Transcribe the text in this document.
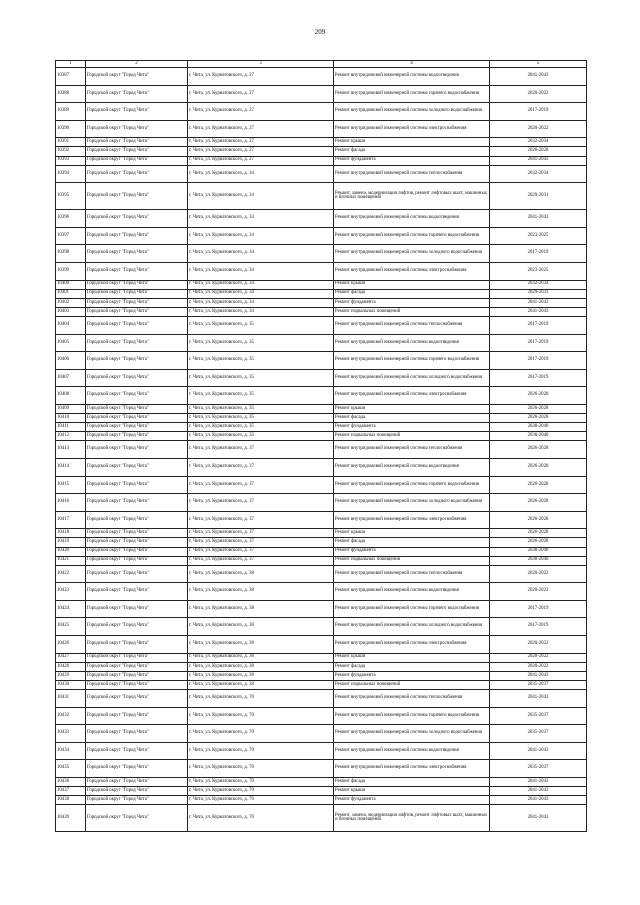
209
1	2	3	4	5
10387	Городской округ "Город Чита"	г. Чита, ул. Курнатовского, д. 27	Ремонт внутридомовой инженерной системы водоотведения	2041-2043
10388	Городской округ "Город Чита"	г. Чита, ул. Курнатовского, д. 27	Ремонт внутридомовой инженерной системы горячего водоснабжения	2020-2022
10389	Городской округ "Город Чита"	г. Чита, ул. Курнатовского, д. 27	Ремонт внутридомовой инженерной системы холодного водоснабжения	2017-2019
10390	Городской округ "Город Чита"	г. Чита, ул. Курнатовского, д. 27	Ремонт внутридомовой инженерной системы электроснабжения	2020-2022
10391	Городской округ "Город Чита"	г. Чита, ул. Курнатовского, д. 27	Ремонт крыши	2032-2034
10392	Городской округ "Город Чита"	г. Чита, ул. Курнатовского, д. 27	Ремонт фасада	2026-2028
10393	Городской округ "Город Чита"	г. Чита, ул. Курнатовского, д. 27	Ремонт фундамента	2041-2043
10394	Городской округ "Город Чита"	г. Чита, ул. Курнатовского, д. 34	Ремонт внутридомовой инженерной системы теплоснабжения	2032-2034
10395	Городской округ "Город Чита"	г. Чита, ул. Курнатовского, д. 34	Ремонт, замена, модернизация лифтов, ремонт лифтовых шахт, машинных и блочных помещений	2029-2031
10396	Городской округ "Город Чита"	г. Чита, ул. Курнатовского, д. 34	Ремонт внутридомовой инженерной системы водоотведения	2041-2043
10397	Городской округ "Город Чита"	г. Чита, ул. Курнатовского, д. 34	Ремонт внутридомовой инженерной системы горячего водоснабжения	2023-2025
10398	Городской округ "Город Чита"	г. Чита, ул. Курнатовского, д. 34	Ремонт внутридомовой инженерной системы холодного водоснабжения	2017-2019
10399	Городской округ "Город Чита"	г. Чита, ул. Курнатовского, д. 34	Ремонт внутридомовой инженерной системы электроснабжения	2023-2025
10400	Городской округ "Город Чита"	г. Чита, ул. Курнатовского, д. 34	Ремонт крыши	2032-2034
10401	Городской округ "Город Чита"	г. Чита, ул. Курнатовского, д. 34	Ремонт фасада	2029-2031
10402	Городской округ "Город Чита"	г. Чита, ул. Курнатовского, д. 34	Ремонт фундамента	2041-2043
10403	Городской округ "Город Чита"	г. Чита, ул. Курнатовского, д. 34	Ремонт подвальных помещений	2041-2043
10404	Городской округ "Город Чита"	г. Чита, ул. Курнатовского, д. 35	Ремонт внутридомовой инженерной системы теплоснабжения	2017-2019
10405	Городской округ "Город Чита"	г. Чита, ул. Курнатовского, д. 35	Ремонт внутридомовой инженерной системы водоотведения	2017-2019
10406	Городской округ "Город Чита"	г. Чита, ул. Курнатовского, д. 35	Ремонт внутридомовой инженерной системы горячего водоснабжения	2017-2019
10407	Городской округ "Город Чита"	г. Чита, ул. Курнатовского, д. 35	Ремонт внутридомовой инженерной системы холодного водоснабжения	2017-2019
10408	Городской округ "Город Чита"	г. Чита, ул. Курнатовского, д. 35	Ремонт внутридомовой инженерной системы электроснабжения	2026-2028
10409	Городской округ "Город Чита"	г. Чита, ул. Курнатовского, д. 35	Ремонт крыши	2026-2028
10410	Городской округ "Город Чита"	г. Чита, ул. Курнатовского, д. 35	Ремонт фасада	2026-2028
10411	Городской округ "Город Чита"	г. Чита, ул. Курнатовского, д. 35	Ремонт фундамента	2038-2040
10412	Городской округ "Город Чита"	г. Чита, ул. Курнатовского, д. 35	Ремонт подвальных помещений	2038-2040
10413	Городской округ "Город Чита"	г. Чита, ул. Курнатовского, д. 37	Ремонт внутридомовой инженерной системы теплоснабжения	2026-2028
10414	Городской округ "Город Чита"	г. Чита, ул. Курнатовского, д. 37	Ремонт внутридомовой инженерной системы водоотведения	2026-2028
10415	Городской округ "Город Чита"	г. Чита, ул. Курнатовского, д. 37	Ремонт внутридомовой инженерной системы горячего водоснабжения	2026-2028
10416	Городской округ "Город Чита"	г. Чита, ул. Курнатовского, д. 37	Ремонт внутридомовой инженерной системы холодного водоснабжения	2026-2028
10417	Городской округ "Город Чита"	г. Чита, ул. Курнатовского, д. 37	Ремонт внутридомовой инженерной системы электроснабжения	2026-2028
10418	Городской округ "Город Чита"	г. Чита, ул. Курнатовского, д. 37	Ремонт крыши	2026-2028
10419	Городской округ "Город Чита"	г. Чита, ул. Курнатовского, д. 37	Ремонт фасада	2026-2028
10420	Городской округ "Город Чита"	г. Чита, ул. Курнатовского, д. 37	Ремонт фундамента	2038-2040
10421	Городской округ "Город Чита"	г. Чита, ул. Курнатовского, д. 37	Ремонт подвальных помещений	2038-2040
10422	Городской округ "Город Чита"	г. Чита, ул. Курнатовского, д. 38	Ремонт внутридомовой инженерной системы теплоснабжения	2020-2022
10423	Городской округ "Город Чита"	г. Чита, ул. Курнатовского, д. 38	Ремонт внутридомовой инженерной системы водоотведения	2020-2022
10424	Городской округ "Город Чита"	г. Чита, ул. Курнатовского, д. 38	Ремонт внутридомовой инженерной системы горячего водоснабжения	2017-2019
10425	Городской округ "Город Чита"	г. Чита, ул. Курнатовского, д. 38	Ремонт внутридомовой инженерной системы холодного водоснабжения	2017-2019
10426	Городской округ "Город Чита"	г. Чита, ул. Курнатовского, д. 38	Ремонт внутридомовой инженерной системы электроснабжения	2020-2022
10427	Городской округ "Город Чита"	г. Чита, ул. Курнатовского, д. 38	Ремонт крыши	2020-2022
10428	Городской округ "Город Чита"	г. Чита, ул. Курнатовского, д. 38	Ремонт фасада	2020-2022
10429	Городской округ "Город Чита"	г. Чита, ул. Курнатовского, д. 38	Ремонт фундамента	2041-2043
10430	Городской округ "Город Чита"	г. Чита, ул. Курнатовского, д. 38	Ремонт подвальных помещений	2035-2037
10431	Городской округ "Город Чита"	г. Чита, ул. Курнатовского, д. 70	Ремонт внутридомовой инженерной системы теплоснабжения	2041-2043
10432	Городской округ "Город Чита"	г. Чита, ул. Курнатовского, д. 70	Ремонт внутридомовой инженерной системы горячего водоснабжения	2035-2037
10433	Городской округ "Город Чита"	г. Чита, ул. Курнатовского, д. 70	Ремонт внутридомовой инженерной системы холодного водоснабжения	2035-2037
10434	Городской округ "Город Чита"	г. Чита, ул. Курнатовского, д. 70	Ремонт внутридомовой инженерной системы водоотведения	2041-2043
10435	Городской округ "Город Чита"	г. Чита, ул. Курнатовского, д. 70	Ремонт внутридомовой инженерной системы электроснабжения	2035-2037
10436	Городской округ "Город Чита"	г. Чита, ул. Курнатовского, д. 70	Ремонт фасада	2041-2043
10437	Городской округ "Город Чита"	г. Чита, ул. Курнатовского, д. 70	Ремонт крыши	2041-2043
10438	Городской округ "Город Чита"	г. Чита, ул. Курнатовского, д. 70	Ремонт фундамента	2041-2043
10439	Городской округ "Город Чита"	г. Чита, ул. Курнатовского, д. 70	Ремонт, замена, модернизация лифтов, ремонт лифтовых шахт, машинных и блочных помещений	2041-2043
